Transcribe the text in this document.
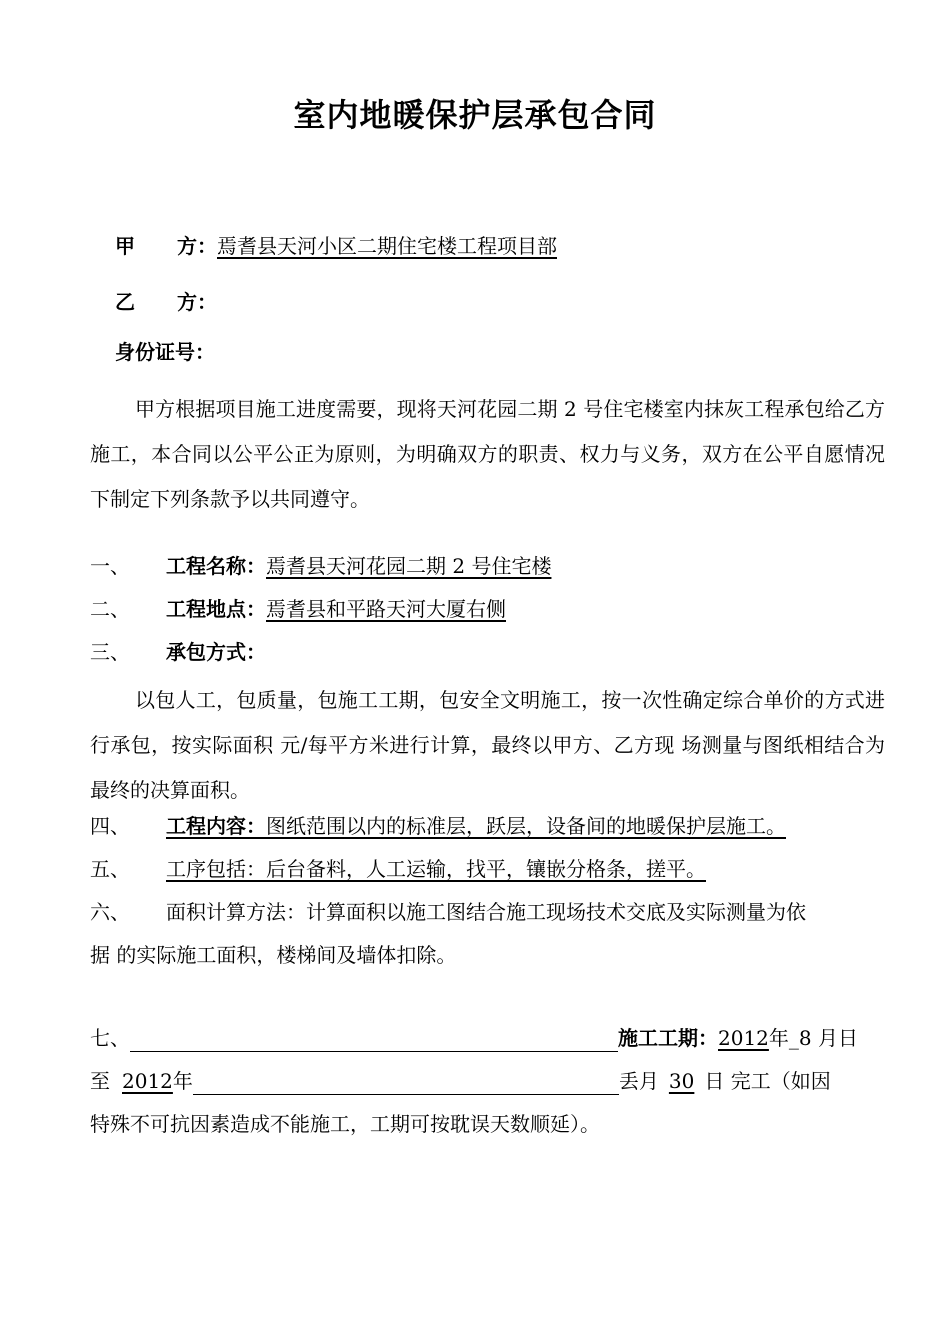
室内地暖保护层承包合同
甲 方：焉耆县天河小区二期住宅楼工程项目部
乙 方：
身份证号：
甲方根据项目施工进度需要，现将天河花园二期 2 号住宅楼室内抹灰工程承包给乙方施工，本合同以公平公正为原则，为明确双方的职责、权力与义务，双方在公平自愿情况下制定下列条款予以共同遵守。
一、 工程名称：焉耆县天河花园二期 2 号住宅楼
二、 工程地点：焉耆县和平路天河大厦右侧
三、 承包方式：
以包人工，包质量，包施工工期，包安全文明施工，按一次性确定综合单价的方式进行承包，按实际面积 元/每平方米进行计算，最终以甲方、乙方现 场测量与图纸相结合为最终的决算面积。
四、 工程内容：图纸范围以内的标准层，跃层，设备间的地暖保护层施工。
五、 工序包括：后台备料，人工运输，找平，镶嵌分格条，搓平。
六、 面积计算方法：计算面积以施工图结合施工现场技术交底及实际测量为依
据 的实际施工面积，楼梯间及墙体扣除。
七、	施工工期：2012年_8 月日
至 2012年	丢月 30 日 完工（如因
特殊不可抗因素造成不能施工，工期可按耽误天数顺延）。
